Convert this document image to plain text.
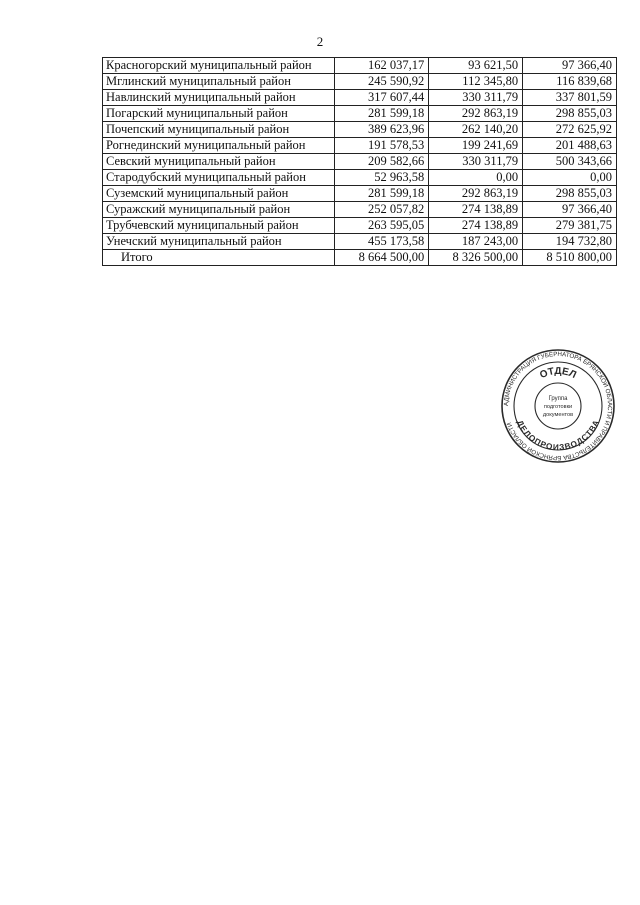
2
Красногорский муниципальный район	162 037,17	93 621,50	97 366,40
Мглинский муниципальный район	245 590,92	112 345,80	116 839,68
Навлинский муниципальный район	317 607,44	330 311,79	337 801,59
Погарский муниципальный район	281 599,18	292 863,19	298 855,03
Почепский муниципальный район	389 623,96	262 140,20	272 625,92
Рогнединский муниципальный район	191 578,53	199 241,69	201 488,63
Севский муниципальный район	209 582,66	330 311,79	500 343,66
Стародубский муниципальный район	52 963,58	0,00	0,00
Суземский муниципальный район	281 599,18	292 863,19	298 855,03
Суражский муниципальный район	252 057,82	274 138,89	97 366,40
Трубчевский муниципальный район	263 595,05	274 138,89	279 381,75
Унечский муниципальный район	455 173,58	187 243,00	194 732,80
Итого	8 664 500,00	8 326 500,00	8 510 800,00
АДМИНИСТРАЦИЯ ГУБЕРНАТОРА БРЯНСКОЙ ОБЛАСТИ И ПРАВИТЕЛЬСТВА БРЯНСКОЙ ОБЛАСТИ
ОТДЕЛ
ДЕЛОПРОИЗВОДСТВА
Группа
подготовки
документов
